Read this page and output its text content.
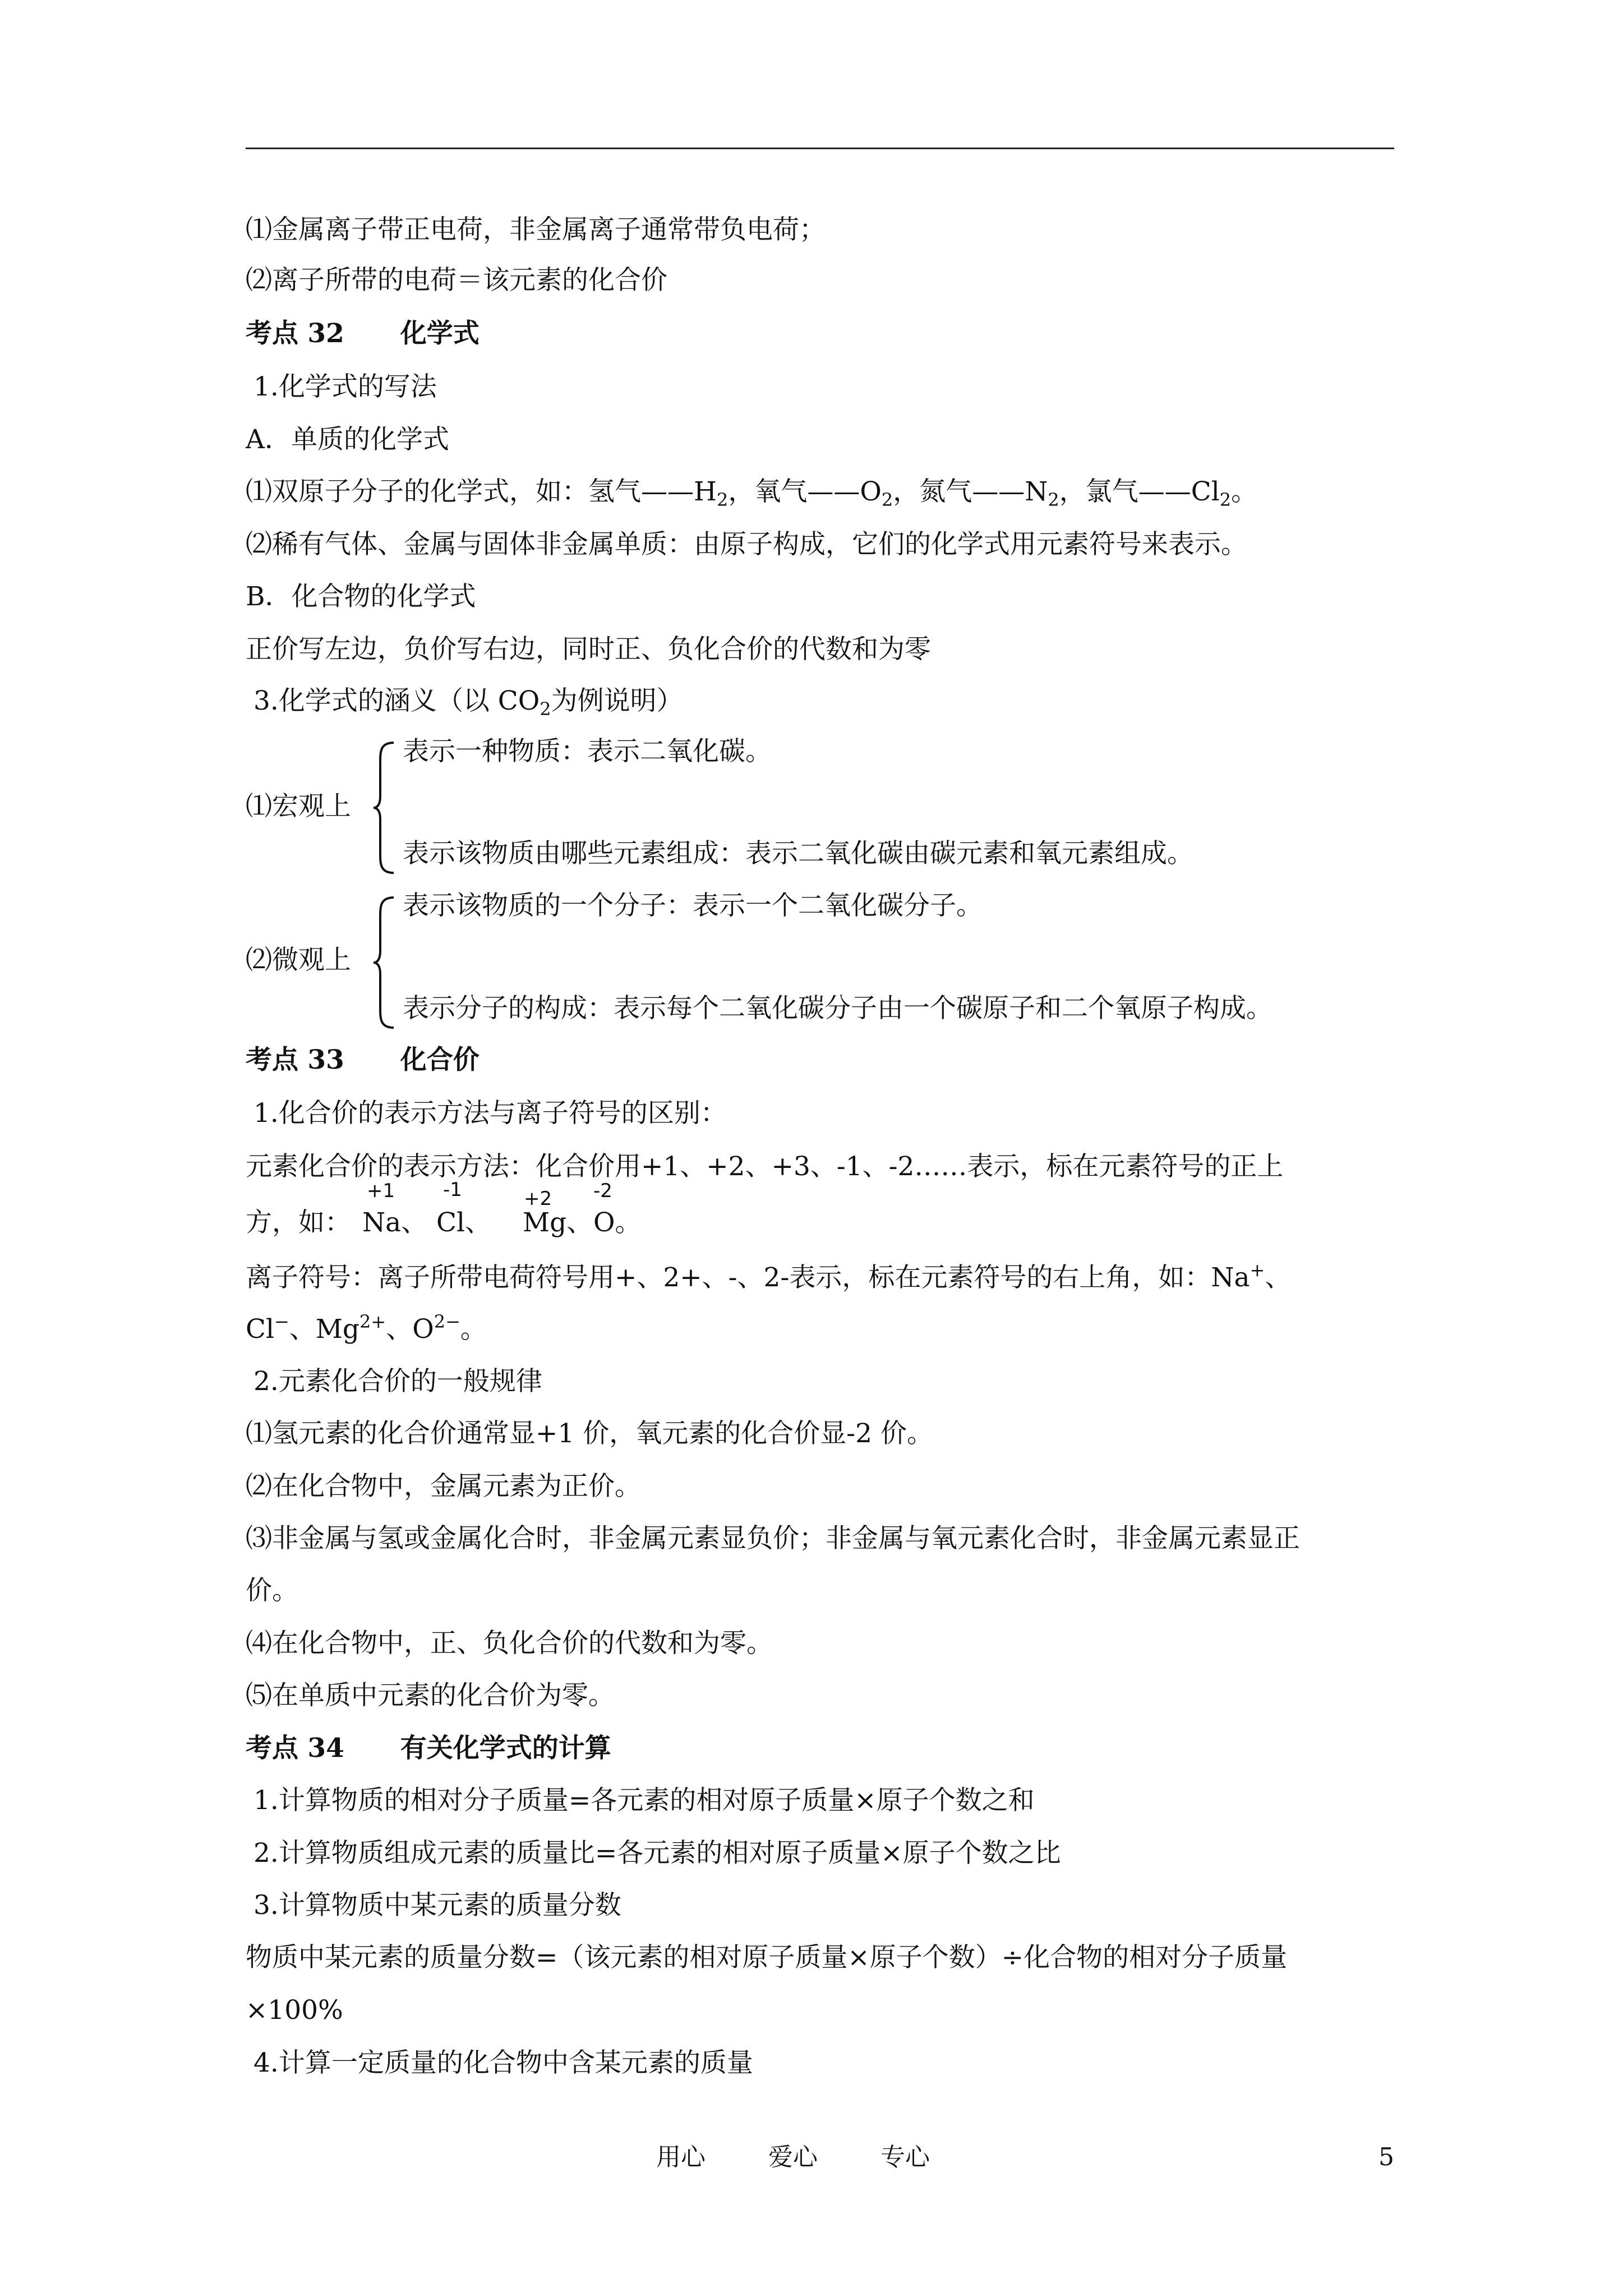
⑴金属离子带正电荷，非金属离子通常带负电荷；
⑵离子所带的电荷＝该元素的化合价
考点 32 化学式
1.化学式的写法
A．单质的化学式
⑴双原子分子的化学式，如：氢气$——H_2$，氧气$——O_2$，氮气$——N_2$，氯气$——Cl_2$。
⑵稀有气体、金属与固体非金属单质：由原子构成，它们的化学式用元素符号来表示。
B．化合物的化学式
正价写左边，负价写右边，同时正、负化合价的代数和为零
3.化学式的涵义（以 $CO_2$为例说明）
⑴宏观上
表示一种物质：表示二氧化碳。
表示该物质由哪些元素组成：表示二氧化碳由碳元素和氧元素组成。
⑵微观上
表示该物质的一个分子：表示一个二氧化碳分子。
表示分子的构成：表示每个二氧化碳分子由一个碳原子和二个氧原子构成。
考点 33 化合价
1.化合价的表示方法与离子符号的区别：
元素化合价的表示方法：化合价用+1、+2、+3、-1、-2……表示，标在元素符号的正上
方，如： Na、 Cl、 Mg、 O。
+1	-1	+2 -2
离子符号：离子所带电荷符号用+、2+、-、2-表示，标在元素符号的右上角，如：Na+、
Cl−、$Mg^{2+}$、$O^{2-}$。
2.元素化合价的一般规律
⑴氢元素的化合价通常显+1 价，氧元素的化合价显-2 价。
⑵在化合物中，金属元素为正价。
⑶非金属与氢或金属化合时，非金属元素显负价；非金属与氧元素化合时，非金属元素显正
价。
⑷在化合物中，正、负化合价的代数和为零。
⑸在单质中元素的化合价为零。
考点 34 有关化学式的计算
1.计算物质的相对分子质量=各元素的相对原子质量×原子个数之和
2.计算物质组成元素的质量比=各元素的相对原子质量×原子个数之比
3.计算物质中某元素的质量分数
物质中某元素的质量分数=（该元素的相对原子质量×原子个数）÷化合物的相对分子质量
×100%
4.计算一定质量的化合物中含某元素的质量
用心	爱心	专心	5
